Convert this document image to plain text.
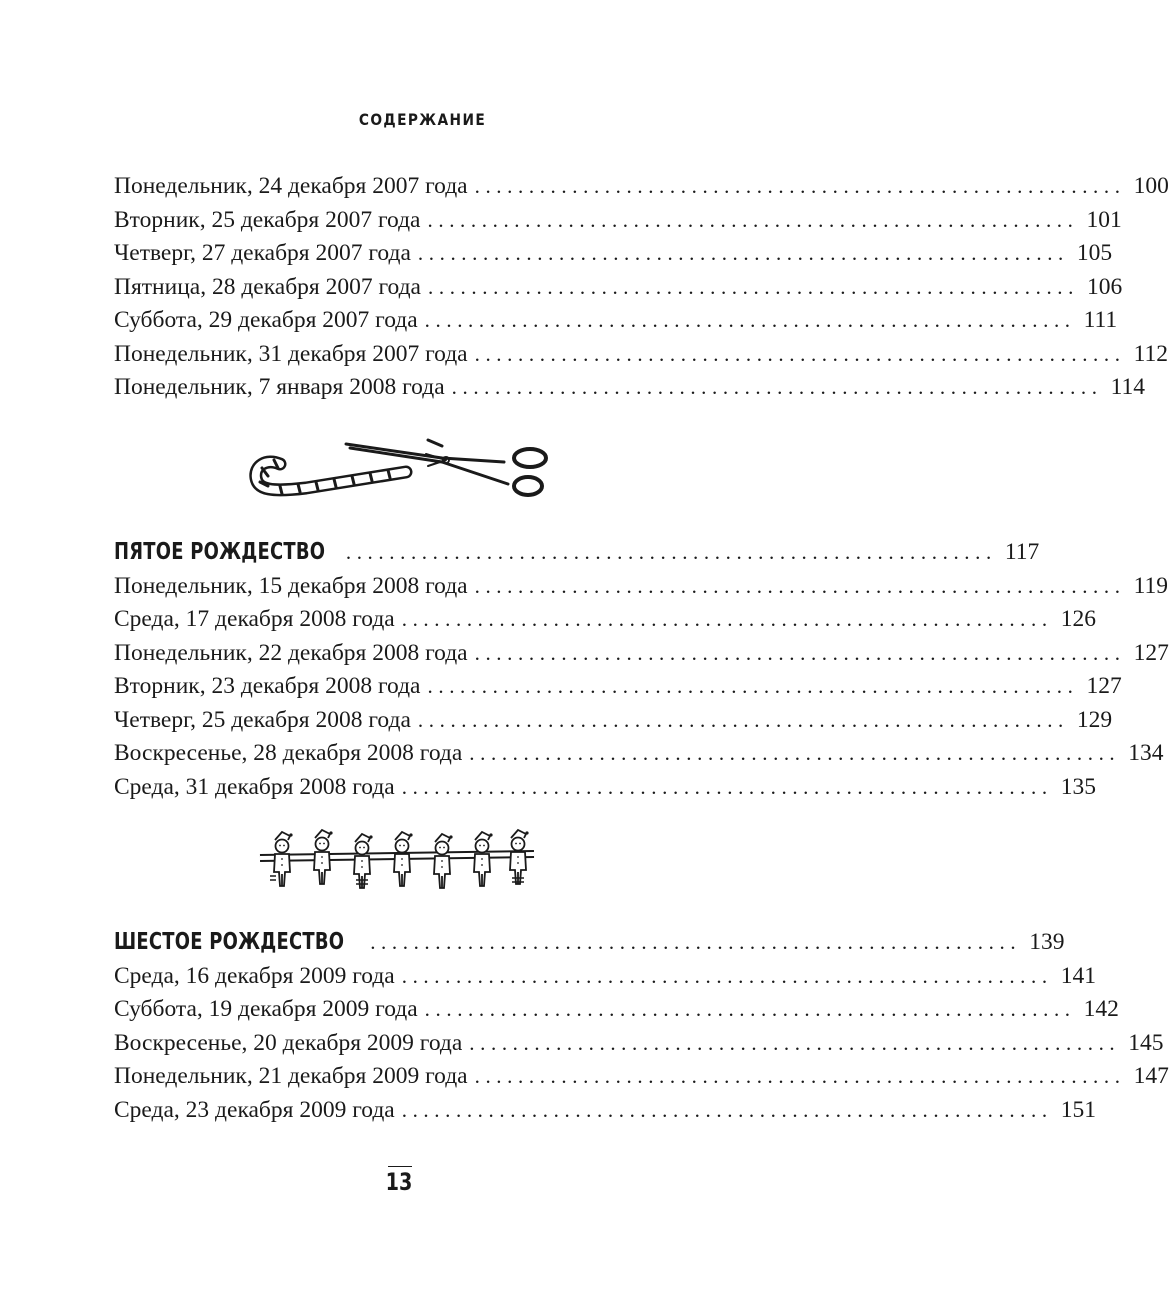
СОДЕРЖАНИЕ
Понедельник, 24 декабря 2007 года ............................................................ 100
Вторник, 25 декабря 2007 года ............................................................ 101
Четверг, 27 декабря 2007 года ............................................................ 105
Пятница, 28 декабря 2007 года ............................................................ 106
Суббота, 29 декабря 2007 года ............................................................ 111
Понедельник, 31 декабря 2007 года ............................................................ 112
Понедельник, 7 января 2008 года ............................................................ 114
ПЯТОЕ РОЖДЕСТВО ............................................................ 117
Понедельник, 15 декабря 2008 года ............................................................ 119
Среда, 17 декабря 2008 года ............................................................ 126
Понедельник, 22 декабря 2008 года ............................................................ 127
Вторник, 23 декабря 2008 года ............................................................ 127
Четверг, 25 декабря 2008 года ............................................................ 129
Воскресенье, 28 декабря 2008 года ............................................................ 134
Среда, 31 декабря 2008 года ............................................................ 135
ШЕСТОЕ РОЖДЕСТВО ............................................................ 139
Среда, 16 декабря 2009 года ............................................................ 141
Суббота, 19 декабря 2009 года ............................................................ 142
Воскресенье, 20 декабря 2009 года ............................................................ 145
Понедельник, 21 декабря 2009 года ............................................................ 147
Среда, 23 декабря 2009 года ............................................................ 151
13
